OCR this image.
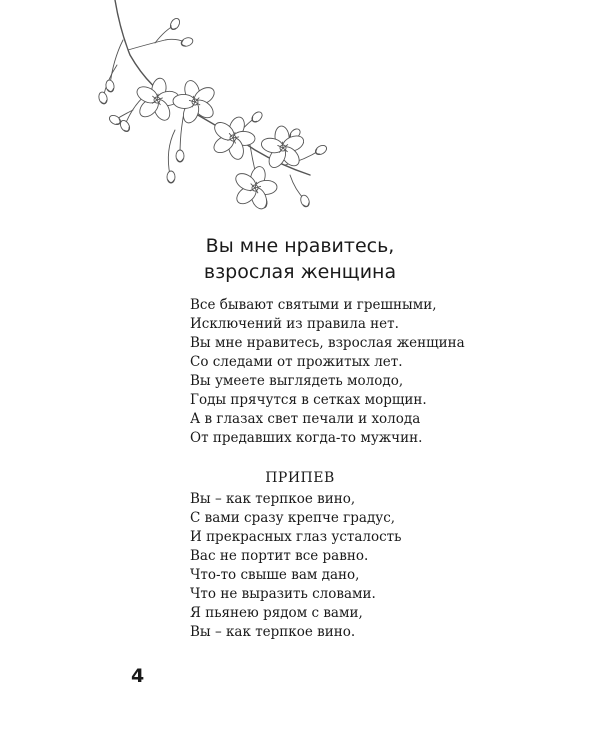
Вы мне нравитесь,
взрослая женщина
Все бывают святыми и грешными,
Исключений из правила нет.
Вы мне нравитесь, взрослая женщина
Со следами от прожитых лет.
Вы умеете выглядеть молодо,
Годы прячутся в сетках морщин.
А в глазах свет печали и холода
От предавших когда-то мужчин.
ПРИПЕВ
Вы – как терпкое вино,
С вами сразу крепче градус,
И прекрасных глаз усталость
Вас не портит все равно.
Что-то свыше вам дано,
Что не выразить словами.
Я пьянею рядом с вами,
Вы – как терпкое вино.
4
